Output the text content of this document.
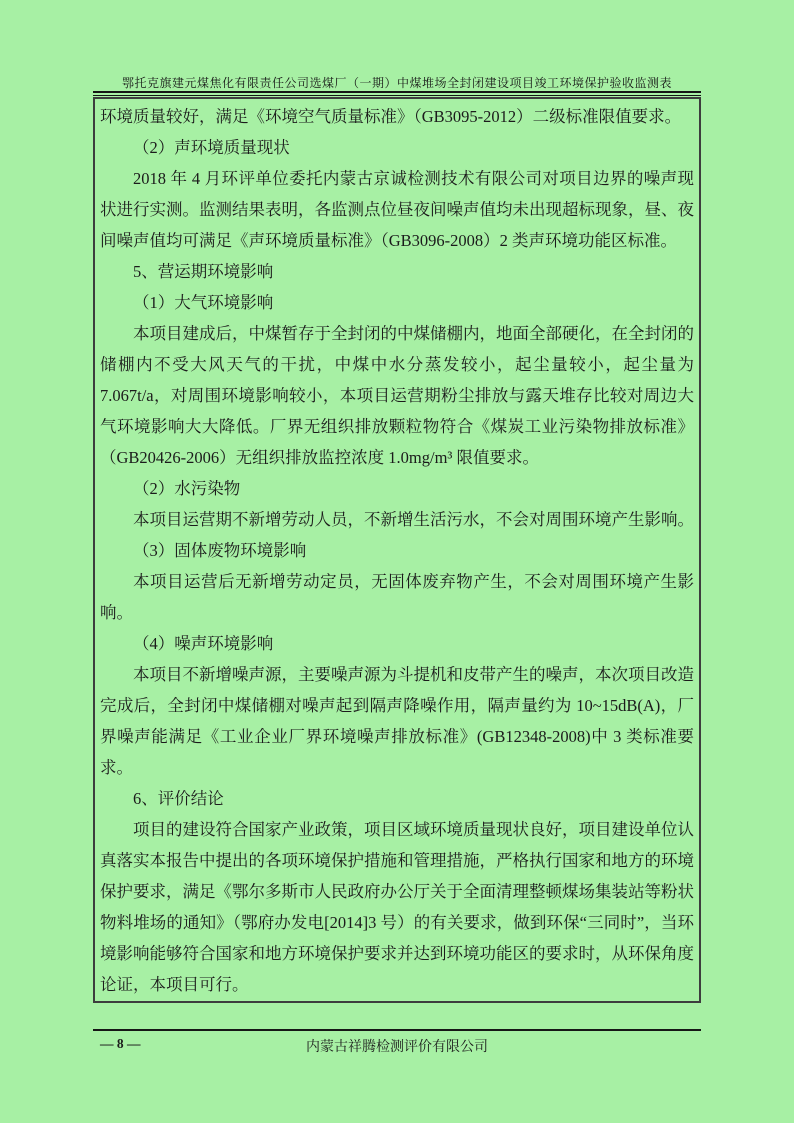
鄂托克旗建元煤焦化有限责任公司选煤厂（一期）中煤堆场全封闭建设项目竣工环境保护验收监测表

环境质量较好，满足《环境空气质量标准》（GB3095-2012）二级标准限值要求。

（2）声环境质量现状

2018 年 4 月环评单位委托内蒙古京诚检测技术有限公司对项目边界的噪声现状进行实测。监测结果表明，各监测点位昼夜间噪声值均未出现超标现象，昼、夜间噪声值均可满足《声环境质量标准》（GB3096-2008）2 类声环境功能区标准。

5、营运期环境影响

（1）大气环境影响

本项目建成后，中煤暂存于全封闭的中煤储棚内，地面全部硬化，在全封闭的储棚内不受大风天气的干扰，中煤中水分蒸发较小，起尘量较小，起尘量为 7.067t/a，对周围环境影响较小，本项目运营期粉尘排放与露天堆存比较对周边大气环境影响大大降低。厂界无组织排放颗粒物符合《煤炭工业污染物排放标准》（GB20426-2006）无组织排放监控浓度 1.0mg/m³ 限值要求。

（2）水污染物

本项目运营期不新增劳动人员，不新增生活污水，不会对周围环境产生影响。

（3）固体废物环境影响

本项目运营后无新增劳动定员，无固体废弃物产生，不会对周围环境产生影响。

（4）噪声环境影响

本项目不新增噪声源，主要噪声源为斗提机和皮带产生的噪声，本次项目改造完成后，全封闭中煤储棚对噪声起到隔声降噪作用，隔声量约为 10~15dB(A)，厂界噪声能满足《工业企业厂界环境噪声排放标准》(GB12348-2008)中 3 类标准要求。

6、评价结论

项目的建设符合国家产业政策，项目区域环境质量现状良好，项目建设单位认真落实本报告中提出的各项环境保护措施和管理措施，严格执行国家和地方的环境保护要求，满足《鄂尔多斯市人民政府办公厅关于全面清理整顿煤场集装站等粉状物料堆场的通知》（鄂府办发电[2014]3 号）的有关要求，做到环保“三同时”，当环境影响能够符合国家和地方环境保护要求并达到环境功能区的要求时，从环保角度论证，本项目可行。

— 8 —	内蒙古祥腾检测评价有限公司
